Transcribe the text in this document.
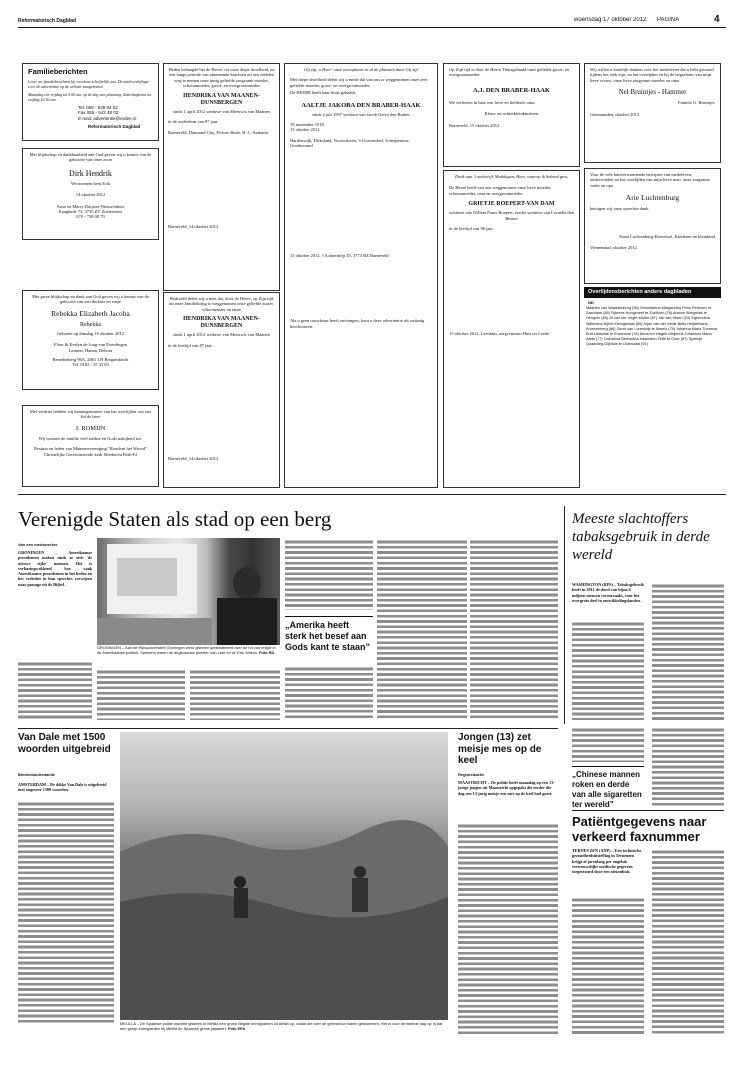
Reformatorisch Dagblad	woensdag 17 oktober 2012 PAGINA	4
Familieberichten
Lever uw familieberichten bij voorkeur schriftelijk aan. De aanleverbijlage voor de advertentie op de website aangeleverd.
Maandag t/m vrijdag tot 9.00 uur op de dag van plaatsing. Zaterdagkrant tot vrijdag 16.30 uur.
Tel. 055 - 539 84 02
Fax 055 - 542 48 02
E-mail: advertentie@erdee.nl
Reformatorisch Dagblad
Met blijdschap en dankbaarheid aan God geven wij u kennis van de geboorte van onze zoon
Dirk Hendrik
We noemen hem Erik
14 oktober 2012
Arno en Marry Duijster-Nieuwenhuis
Kaagkade 73, 3735 ZV Zoetermeer
079 - 738 08 79
Met grote blijdschap en dank aan God geven wij u kennis van de geboorte van een dochter en zusje
Rebekka Elizabeth Jacoba
Rebekka
Geboren op dinsdag 16 oktober 2012
Floor & Evelyn de Jong-van Everdingen
Lennert, Hanna, Debora
Benedenberg 96A, 2861 LH Bergambacht
Tel. 0182 - 35 33 03
Met verdriet hebben wij kennisgenomen van het overlijden van ons lid de heer
J. ROMIJN
Wij wensen de familie veel sterkte en Gods nabijheid toe.
Bestuur en leden van Mannenvereniging "Rondom het Woord" Christelijke Gereformeerde kerk Sliedrecht Beth-El
Heden behaagde het de Heere, tot onze diepe droefheid, na een lange periode van afnemende krachten uit ons midden weg te nemen onze innig geliefde zorgzame moeder, schoonmoeder, groot- en overgrootmoeder
HENDRIKA VAN MAANEN-DUNSBERGEN
sinds 1 april 2012 weduwe van Meeuwis van Maanen
in de ouderdom van 87 jaar.
Barneveld, Diamond City, Picture Butte, H.-I.-Ambacht
Barneveld, 14 oktober 2012
Bedroefd delen wij u mee dat, door de Heere, op Zijn tijd uit onze familiekring is weggenomen onze geliefde zuster, schoonzuster en tante
HENDRIKA VAN MAANEN-DUNSBERGEN
sinds 1 april 2012 weduwe van Meeuwis van Maanen
in de leeftijd van 87 jaar.
Barneveld, 14 oktober 2012
Gij zijt, o Heer! onze woonplaats in al de plaatsen daar Gij zijt
Met diepe droefheid delen wij u mede dat van ons is weggenomen onze zeer geliefde moeder, groot- en overgrootmoeder.
De HEERE heeft haar thuis gehaald.
AALTJE JAKOBA DEN BRABER-HAAK
sinds 4 juli 1997 weduwe van Jacob Gerrit den Braber
19 november 1918
15 oktober 2012
Hardenwijk, Dirksland, Voorschoten, 's-Gravendeel, Scherpenisse, Goudswaard
15 oktober 2012, 't Achterdorp 35, 3773 BZ Barneveld
Als u geen rouwkaart heeft ontvangen, kunt u deze advertentie als zodanig beschouwen.
Op Zijn tijd is door de Heere Thuisgehaald onze geliefde groot- en overgrootmoeder
A.J. DEN BRABER-HAAK
We verliezen in haar een lieve en liefdeole oma.
Klein- en achterkleinkinderen
Barneveld, 15 oktober 2012
Denk aan 't onderrijk Maddagen, Heer, waarop ik bekend gint,
De Heere heeft van ons weggenomen onze lieve moeder, schoonmoeder, oma en overgrootmoeder
GRIETJE ROEPERT-VAN DAM
weduwe van Willem Frans Roepert, eerder weduwe van Cornelis den Besten
in de leeftijd van 96 jaar.
15 oktober 2012, Leerdam, zorgcentrum Huis ter Leede
Wij willen u hartelijk danken voor het medeleven dat u hebt getoond tijdens het ziek zijn, na het overlijden en bij de begrafenis van mijn lieve vrouw, onze lieve zorgzame moeder en oma
Nel Bruintjes - Hammer
Familie G. Bruintjes
Genemuiden, oktober 2012
Voor de vele hartverwarmende bewijzen van medeleven, ondervonden na het overlijden van mijn lieve man, onze zorgzame vader en opa
Arie Luchtenburg
betuigen wij onze oprechte dank.
Tonia Luchtenburg-Hoevetsel, Kinderen en kleinkind
Veenendaal, oktober 2012
Overlijdensberichten andere dagbladen
ND
Maarten van Waardenburg (96) Gennadiena Margaretha Prins-Petersen te Zaandam (88) Sijbrens Hoogeveef te Zuidhorn (78) Antoon Wiegmink te Hengelo (85) Jo van der Vegte-Molter (87) Jan van Steen (93) Egbertdina Willemina Nijhof-Kleingenaar (89) Arjan van der Velde Betty Heijdemans-Kroesenberg (86) Gerrit van Lorentzijk te Almelo (79) Johanna Maria Theresia Butt-Lassinkk te Enschede (76) Anna ten Hagen-Meijerink Johannes Maria Aarts (77) Catharina Bernadina Kasteelen-Tette te Goor (87) Sjoerdje Quadvlieg-Dijkhuis te Oldenzaal (91)
Verenigde Staten als stad op een berg
Van een medewerker

GRONINGEN – Amerikaanse presidenten maken sinds ze zich 'de nieuwe rijke' noemen. Het is verbazingwekkend hoe vaak Amerikaanse presidenten in het heden en het verleden in hun speeches verwijzen naar passage uit de Bijbel.

GRONINGEN – Aan de Rijksuniversiteit Groningen werd gisteren gedebatteerd over de rol van religie in de Amerikaanse politiek. Sprekers waren de anglicaanse priester Van Leer en dr. Erin Wilson. Foto RD
„Amerika heeft sterk het besef aan Gods kant te staan”
Meeste slachtoffers tabaksgebruik in derde wereld
WASHINGTON (RPS) – Tabaksgebruik heeft in 2011 de dood van bijna 6 miljoen mensen veroorzaakt, voor het overgrote deel in ontwikkelingslanden.
„Chinese mannen roken en derde van alle sigaretten ter wereld”
Van Dale met 1500 woorden uitgebreid
Binnenlandredactie
AMSTERDAM – De dikke Van Dale is uitgebreid met ongeveer 1500 woorden.
MELILLA – De Spaanse politie wachtte gisteren in Melilla een groep illegale immigranten uit Afrika op, nadat die over de grensmuur waren geklommen. Het is voor de tweede dag op rij dat een groep immigranten bij Melilla de Spaanse grens passeert. Foto EPA
Jongen (13) zet meisje mes op de keel
Regioredactie
MAASTRICHT – De politie heeft maandag op een 13-jarige jongen uit Maastricht opgepakt die eerder die dag een 13-jarig meisje een mes op de keel had gezet.
Patiëntgegevens naar verkeerd faxnummer
TERNEUZEN (ANP) – Een technische gezondheidsinstelling in Terneuzen krijgt al jarenlang per ongeluk vertrouwelijke medische gegevens toegestuurd door een ziekenhuis.
